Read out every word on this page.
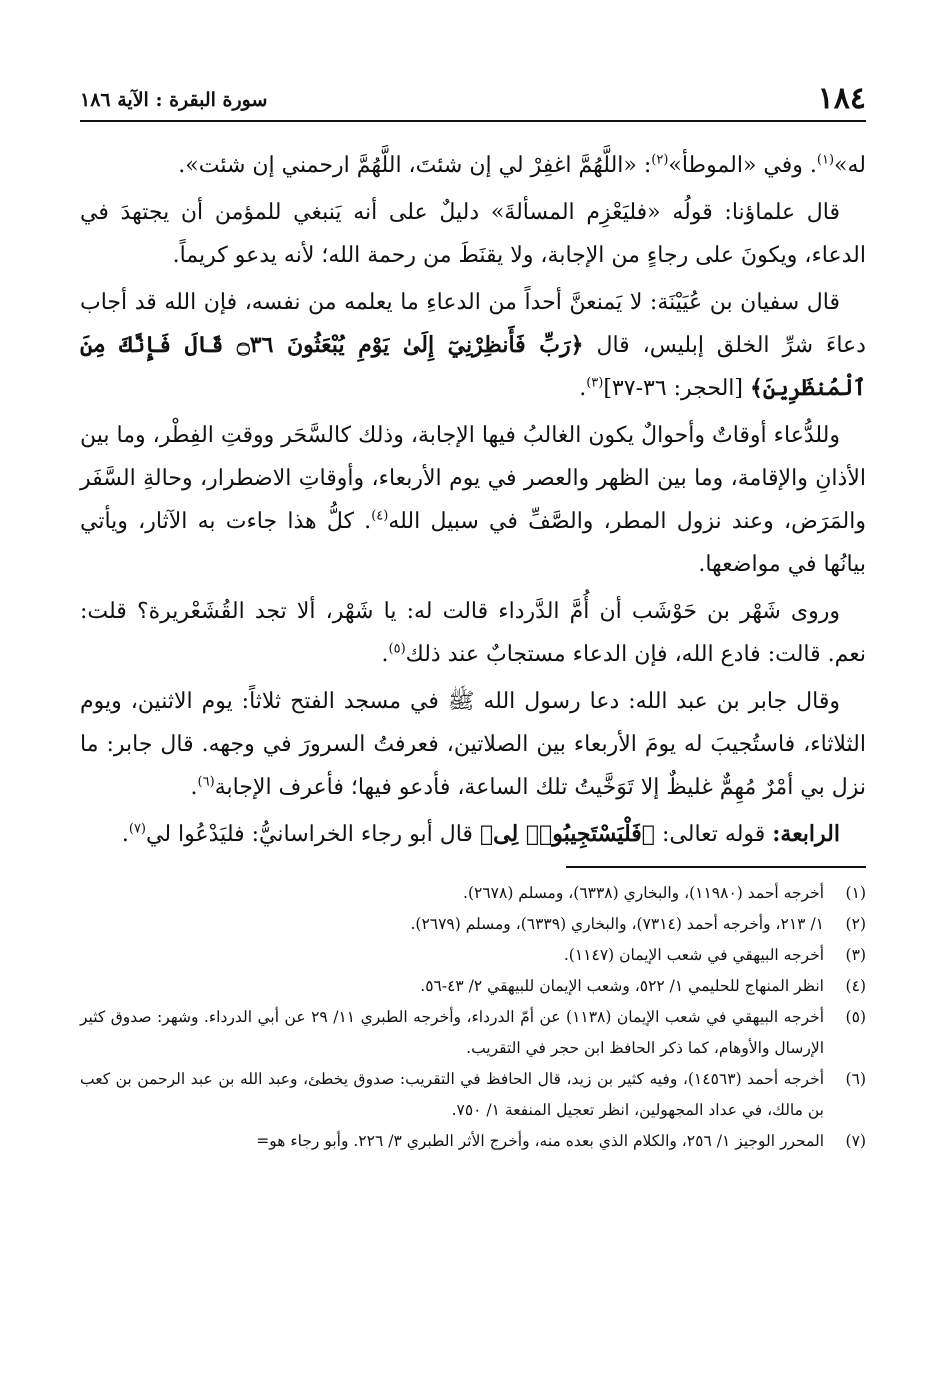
١٨٤
سورة البقرة : الآية ١٨٦

له»$^{(١)}$. وفي «الموطأ»$^{(٢)}$: «اللَّهُمَّ اغفِرْ لي إن شئتَ، اللَّهُمَّ ارحمني إن شئت».

قال علماؤنا: قولُه «فليَعْزِم المسألةَ» دليلٌ على أنه يَنبغي للمؤمن أن يجتهدَ في الدعاء، ويكونَ على رجاءٍ من الإجابة، ولا يقنَطَ من رحمة الله؛ لأنه يدعو كريماً.

قال سفيان بن عُيَيْنَة: لا يَمنعنَّ أحداً من الدعاءِ ما يعلمه من نفسه، فإن الله قد أجاب دعاءَ شرِّ الخلق إبليس، قال ﴿رَبِّ فَأَنظِرْنِيٓ إِلَىٰ يَوْمِ يُبْعَثُونَ ۝٣٦ قَالَ فَإِنَّكَ مِنَ ٱلْمُنظَرِينَ﴾ [الحجر: ٣٦-٣٧]$^{(٣)}$.

وللدُّعاء أوقاتٌ وأحوالٌ يكون الغالبُ فيها الإجابة، وذلك كالسَّحَر ووقتِ الفِطْر، وما بين الأذانِ والإقامة، وما بين الظهر والعصر في يوم الأربعاء، وأوقاتِ الاضطرار، وحالةِ السَّفَر والمَرَض، وعند نزول المطر، والصَّفِّ في سبيل الله$^{(٤)}$. كلُّ هذا جاءت به الآثار، ويأتي بيانُها في مواضعها.

وروى شَهْر بن حَوْشَب أن أُمَّ الدَّرداء قالت له: يا شَهْر، ألا تجد القُشَعْريرة؟ قلت: نعم. قالت: فادع الله، فإن الدعاء مستجابٌ عند ذلك$^{(٥)}$.

وقال جابر بن عبد الله: دعا رسول الله ﷺ في مسجد الفتح ثلاثاً: يوم الاثنين، ويوم الثلاثاء، فاستُجيبَ له يومَ الأربعاء بين الصلاتين، فعرفتُ السرورَ في وجهه. قال جابر: ما نزل بي أمْرٌ مُهِمٌّ غليظٌ إلا تَوَخَّيتُ تلك الساعة، فأدعو فيها؛ فأعرف الإجابة$^{(٦)}$.

الرابعة: قوله تعالى: ﴿فَلْيَسْتَجِيبُوا۟ لِى﴾ قال أبو رجاء الخراسانيُّ: فليَدْعُوا لي$^{(٧)}$.

(١)
أخرجه أحمد (١١٩٨٠)، والبخاري (٦٣٣٨)، ومسلم (٢٦٧٨).
(٢)
١/ ٢١٣، وأخرجه أحمد (٧٣١٤)، والبخاري (٦٣٣٩)، ومسلم (٢٦٧٩).
(٣)
أخرجه البيهقي في شعب الإيمان (١١٤٧).
(٤)
انظر المنهاج للحليمي ١/ ٥٢٢، وشعب الإيمان للبيهقي ٢/ ٤٣-٥٦.
(٥)
أخرجه البيهقي في شعب الإيمان (١١٣٨) عن أمّ الدرداء، وأخرجه الطبري ١١/ ٢٩ عن أبي الدرداء. وشهر: صدوق كثير الإرسال والأوهام، كما ذكر الحافظ ابن حجر في التقريب.
(٦)
أخرجه أحمد (١٤٥٦٣)، وفيه كثير بن زيد، قال الحافظ في التقريب: صدوق يخطئ، وعبد الله بن عبد الرحمن بن كعب بن مالك، في عداد المجهولين، انظر تعجيل المنفعة ١/ ٧٥٠.
(٧)
المحرر الوجيز ١/ ٢٥٦، والكلام الذي بعده منه، وأخرج الأثر الطبري ٣/ ٢٢٦. وأبو رجاء هو=
